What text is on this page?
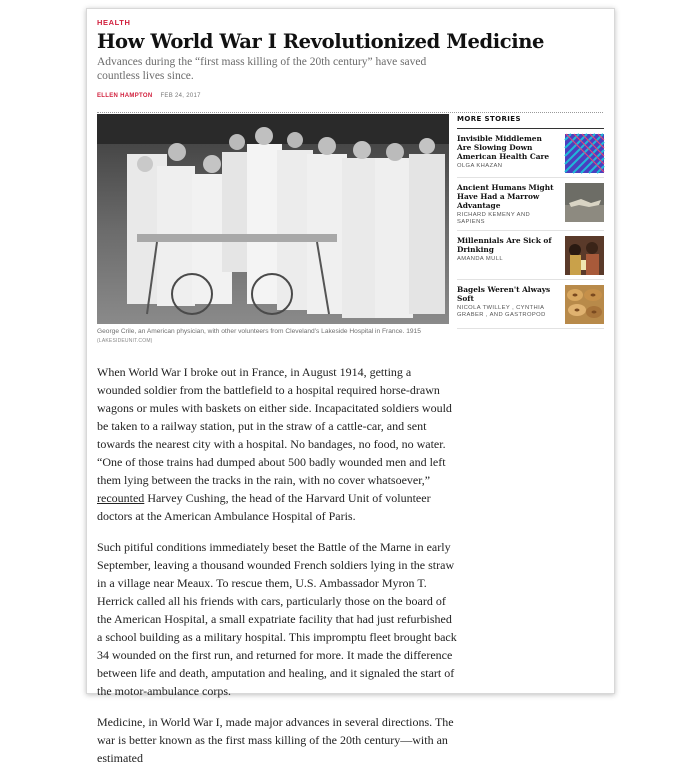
HEALTH
How World War I Revolutionized Medicine
Advances during the “first mass killing of the 20th century” have saved countless lives since.
ELLEN HAMPTON FEB 24, 2017
George Crile, an American physician, with other volunteers from Cleveland’s Lakeside Hospital in France. 1915 (LAKESIDEUNIT.COM)

When World War I broke out in France, in August 1914, getting a wounded soldier from the battlefield to a hospital required horse-drawn wagons or mules with baskets on either side. Incapacitated soldiers would be taken to a railway station, put in the straw of a cattle-car, and sent towards the nearest city with a hospital. No bandages, no food, no water. “One of those trains had dumped about 500 badly wounded men and left them lying between the tracks in the rain, with no cover whatsoever,” recounted Harvey Cushing, the head of the Harvard Unit of volunteer doctors at the American Ambulance Hospital of Paris.

Such pitiful conditions immediately beset the Battle of the Marne in early September, leaving a thousand wounded French soldiers lying in the straw in a village near Meaux. To rescue them, U.S. Ambassador Myron T. Herrick called all his friends with cars, particularly those on the board of the American Hospital, a small expatriate facility that had just refurbished a school building as a military hospital. This impromptu fleet brought back 34 wounded on the first run, and returned for more. It made the difference between life and death, amputation and healing, and it signaled the start of the motor-ambulance corps.

Medicine, in World War I, made major advances in several directions. The war is better known as the first mass killing of the 20th century—with an estimated

MORE STORIES
Invisible Middlemen Are Slowing Down American Health Care
OLGA KHAZAN
Ancient Humans Might Have Had a Marrow Advantage
RICHARD KEMENY AND SAPIENS
Millennials Are Sick of Drinking
AMANDA MULL
Bagels Weren't Always Soft
NICOLA TWILLEY , CYNTHIA GRABER , AND GASTROPOD
